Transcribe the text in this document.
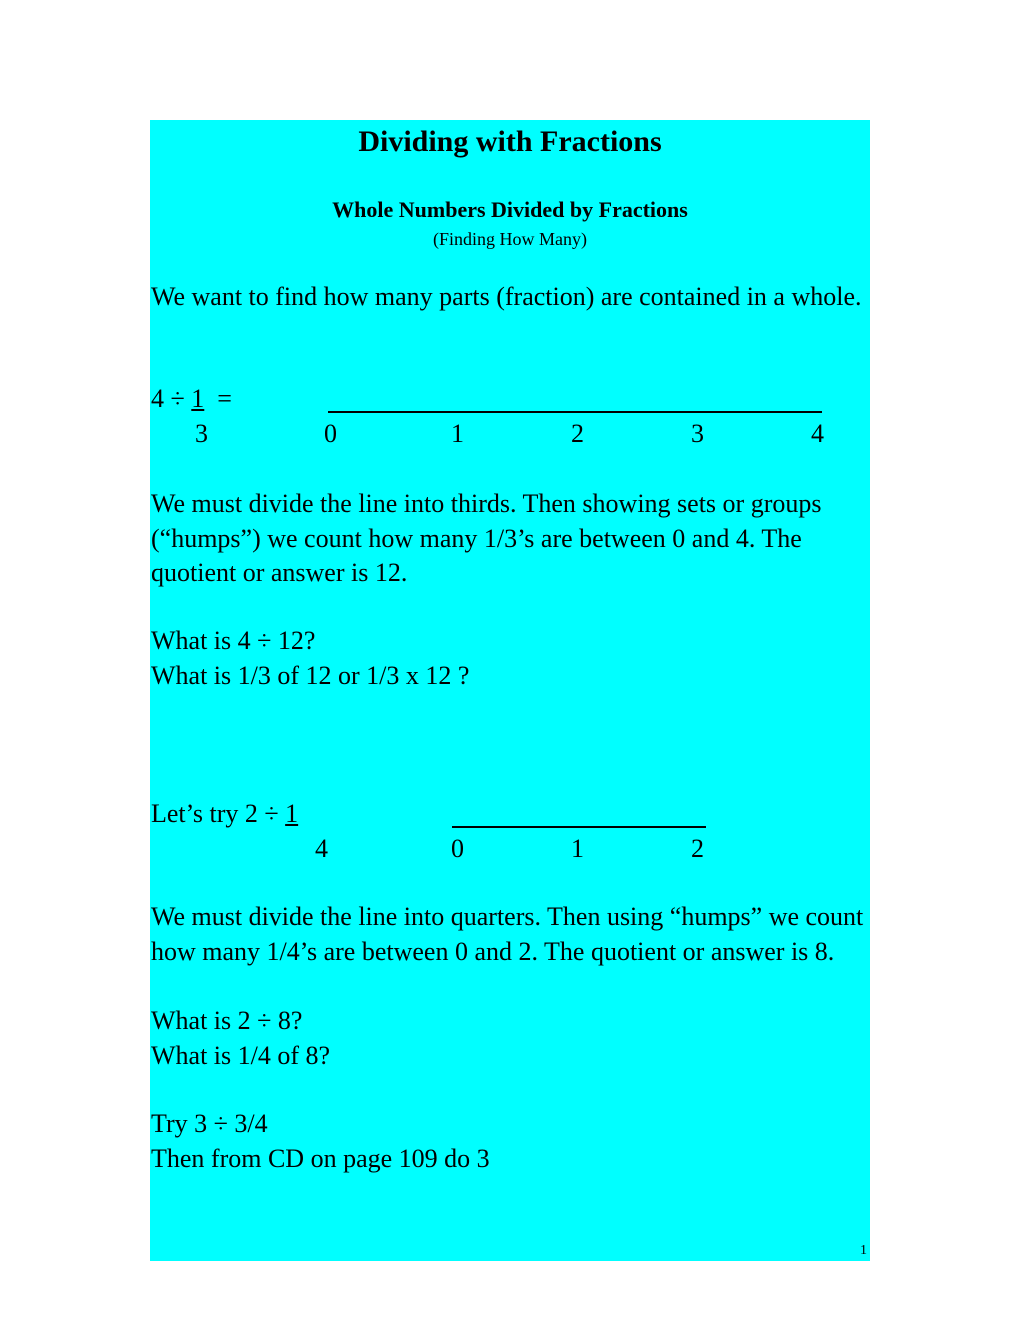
Dividing with Fractions
Whole Numbers Divided by Fractions
(Finding How Many)
We want to find how many parts (fraction) are contained in a whole.
4 ÷ 1 =
3	0	1	2	3	4
We must divide the line into thirds. Then showing sets or groups (“humps”) we count how many 1/3’s are between 0 and 4. The quotient or answer is 12.
What is 4 ÷ 12?
What is 1/3 of 12 or 1/3 x 12 ?
Let’s try 2 ÷ 1
4	0	1	2
We must divide the line into quarters. Then using “humps” we count how many 1/4’s are between 0 and 2. The quotient or answer is 8.
What is 2 ÷ 8?
What is 1/4 of 8?
Try 3 ÷ 3/4
Then from CD on page 109 do 3
1
